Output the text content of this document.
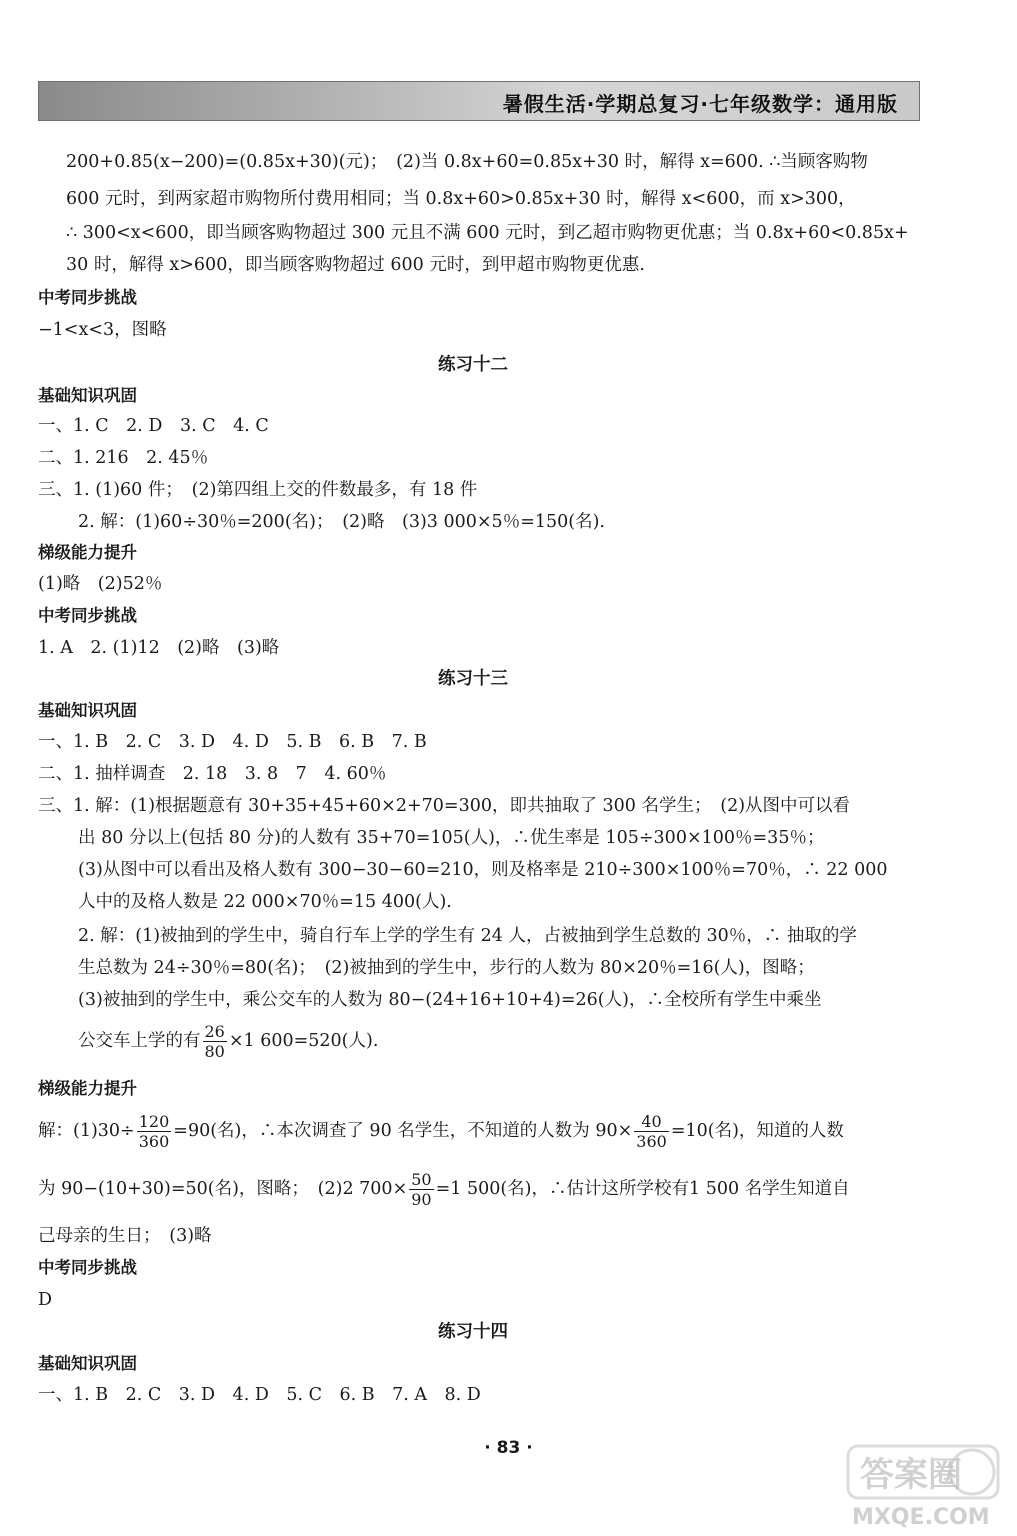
暑假生活·学期总复习·七年级数学：通用版
200+0.85(x−200)=(0.85x+30)(元)；　(2)当 0.8x+60=0.85x+30 时，解得 x=600. ∴当顾客购物
600 元时，到两家超市购物所付费用相同；当 0.8x+60>0.85x+30 时，解得 x<600，而 x>300，
∴ 300<x<600，即当顾客购物超过 300 元且不满 600 元时，到乙超市购物更优惠；当 0.8x+60<0.85x+
30 时，解得 x>600，即当顾客购物超过 600 元时，到甲超市购物更优惠.
中考同步挑战
−1<x<3，图略
练习十二
基础知识巩固
一、1. C　2. D　3. C　4. C
二、1. 216　2. 45％
三、1. (1)60 件；　(2)第四组上交的件数最多，有 18 件
2. 解：(1)60÷30％=200(名)；　(2)略　(3)3 000×5％=150(名).
梯级能力提升
(1)略　(2)52％
中考同步挑战
1. A　2. (1)12　(2)略　(3)略
练习十三
基础知识巩固
一、1. B　2. C　3. D　4. D　5. B　6. B　7. B
二、1. 抽样调查　2. 18　3. 8　7　4. 60％
三、1. 解：(1)根据题意有 30+35+45+60×2+70=300，即共抽取了 300 名学生；　(2)从图中可以看
出 80 分以上(包括 80 分)的人数有 35+70=105(人)，∴优生率是 105÷300×100％=35％；
(3)从图中可以看出及格人数有 300−30−60=210，则及格率是 210÷300×100％=70％，∴ 22 000
人中的及格人数是 22 000×70％=15 400(人).
2. 解：(1)被抽到的学生中，骑自行车上学的学生有 24 人，占被抽到学生总数的 30％，∴ 抽取的学
生总数为 24÷30％=80(名)；　(2)被抽到的学生中，步行的人数为 80×20％=16(人)，图略；
(3)被抽到的学生中，乘公交车的人数为 80−(24+16+10+4)=26(人)，∴全校所有学生中乘坐
公交车上学的有 $\frac{26}{80} \times 1$ 600=520(人).
梯级能力提升
解：$(1)30\div \frac{120}{360} =90$(名)，∴本次调查了 90 名学生，不知道的人数为 $90\times \frac{40}{360} =10$(名)，知道的人数
为 90−(10+30)=50(名)，图略；　(2)2 $700\times \frac{50}{90} =1$ 500(名)，∴估计这所学校有1 500 名学生知道自
己母亲的生日；　(3)略
中考同步挑战
D
练习十四
基础知识巩固
一、1. B　2. C　3. D　4. D　5. C　6. B　7. A　8. D
· 83 ·
答案圈
MXQE.COM
